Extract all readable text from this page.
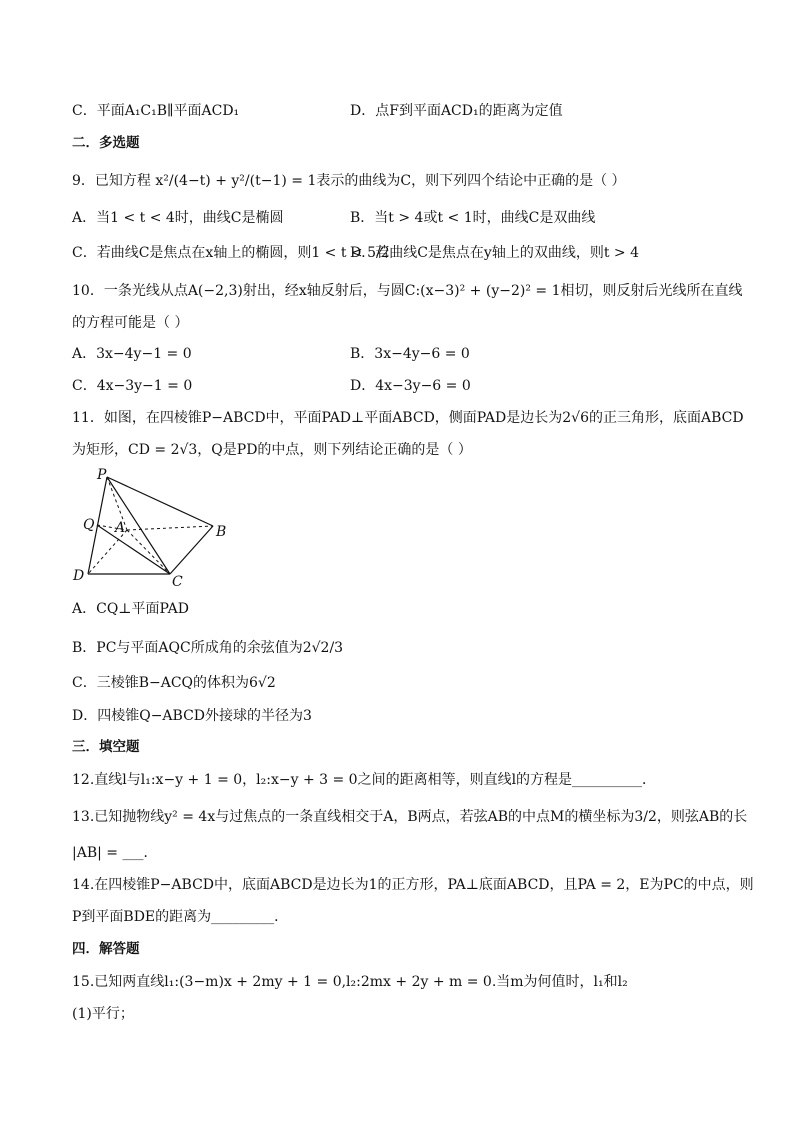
C．平面A₁C₁B∥平面ACD₁	D．点F到平面ACD₁的距离为定值
二．多选题
9．已知方程 x²/(4−t) + y²/(t−1) = 1表示的曲线为C，则下列四个结论中正确的是（ ）
A．当1 < t < 4时，曲线C是椭圆	B．当t > 4或t < 1时，曲线C是双曲线
C．若曲线C是焦点在x轴上的椭圆，则1 < t < 5/2
D．若曲线C是焦点在y轴上的双曲线，则t > 4
10．一条光线从点A(−2,3)射出，经x轴反射后，与圆C:(x−3)² + (y−2)² = 1相切，则反射后光线所在直线
的方程可能是（ ）
A．3x−4y−1 = 0	B．3x−4y−6 = 0
C．4x−3y−1 = 0	D．4x−3y−6 = 0
11．如图，在四棱锥P−ABCD中，平面PAD⊥平面ABCD，侧面PAD是边长为2√6的正三角形，底面ABCD
为矩形，CD = 2√3，Q是PD的中点，则下列结论正确的是（ ）
P
Q A	B
D	C
A．CQ⊥平面PAD
B．PC与平面AQC所成角的余弦值为2√2/3
C．三棱锥B−ACQ的体积为6√2
D．四棱锥Q−ABCD外接球的半径为3
三．填空题
12.直线l与l₁:x−y + 1 = 0，l₂:x−y + 3 = 0之间的距离相等，则直线l的方程是__________．
13.已知抛物线y² = 4x与过焦点的一条直线相交于A，B两点，若弦AB的中点M的横坐标为3/2，则弦AB的长
|AB| = ___．
14.在四棱锥P−ABCD中，底面ABCD是边长为1的正方形，PA⊥底面ABCD，且PA = 2，E为PC的中点，则
P到平面BDE的距离为_________．
四．解答题
15.已知两直线l₁:(3−m)x + 2my + 1 = 0,l₂:2mx + 2y + m = 0.当m为何值时，l₁和l₂
(1)平行；
